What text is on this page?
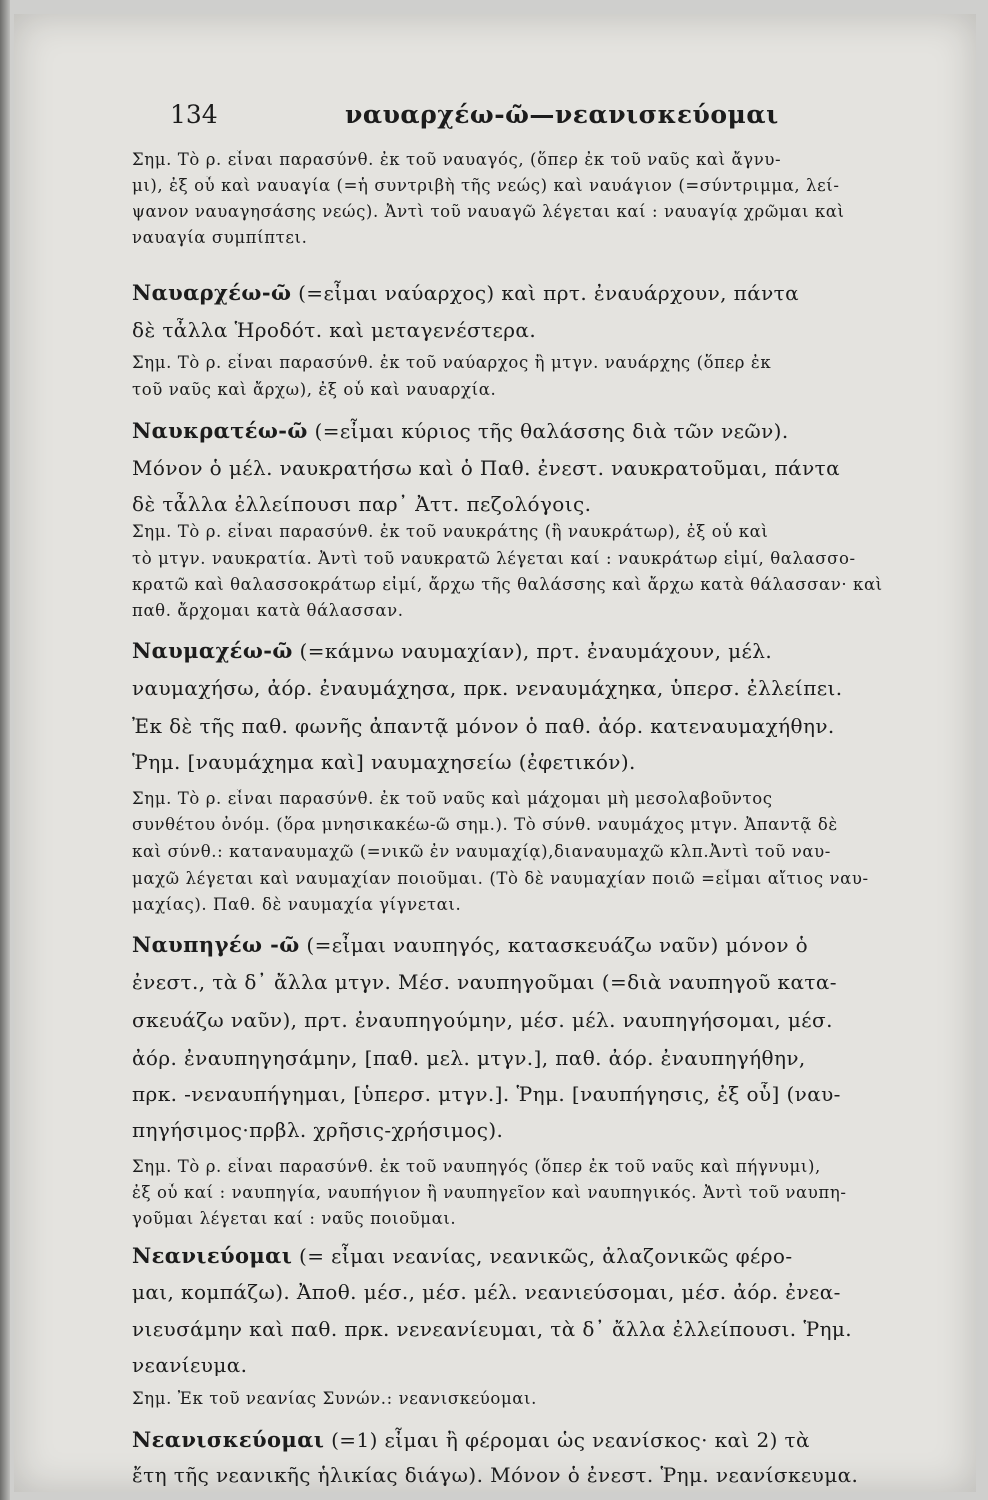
134	ναυαρχέω-ῶ—νεανισκεύομαι
Σημ. Τὸ ρ. εἶναι παρασύνθ. ἐκ τοῦ ναυαγός, (ὅπερ ἐκ τοῦ ναῦς καὶ ἄγνυ-
μι), ἐξ οὗ καὶ ναυαγία (=ἡ συντριβὴ τῆς νεώς) καὶ ναυάγιον (=σύντριμμα, λεί-
ψανον ναυαγησάσης νεώς). Ἀντὶ τοῦ ναυαγῶ λέγεται καί : ναυαγίᾳ χρῶμαι καὶ
ναυαγία συμπίπτει.
Ναυαρχέω-ῶ (=εἶμαι ναύαρχος) καὶ πρτ. ἐναυάρχουν, πάντα
δὲ τἆλλα Ἡροδότ. καὶ μεταγενέστερα.
Σημ. Τὸ ρ. εἶναι παρασύνθ. ἐκ τοῦ ναύαρχος ἢ μτγν. ναυάρχης (ὅπερ ἐκ
τοῦ ναῦς καὶ ἄρχω), ἐξ οὗ καὶ ναυαρχία.
Ναυκρατέω-ῶ (=εἶμαι κύριος τῆς θαλάσσης διὰ τῶν νεῶν).
Μόνον ὁ μέλ. ναυκρατήσω καὶ ὁ Παθ. ἐνεστ. ναυκρατοῦμαι, πάντα
δὲ τἆλλα ἐλλείπουσι παρ᾽ Ἀττ. πεζολόγοις.
Σημ. Τὸ ρ. εἶναι παρασύνθ. ἐκ τοῦ ναυκράτης (ἢ ναυκράτωρ), ἐξ οὗ καὶ
τὸ μτγν. ναυκρατία. Ἀντὶ τοῦ ναυκρατῶ λέγεται καί : ναυκράτωρ εἰμί, θαλασσο-
κρατῶ καὶ θαλασσοκράτωρ εἰμί, ἄρχω τῆς θαλάσσης καὶ ἄρχω κατὰ θάλασσαν· καὶ
παθ. ἄρχομαι κατὰ θάλασσαν.
Ναυμαχέω-ῶ (=κάμνω ναυμαχίαν), πρτ. ἐναυμάχουν, μέλ.
ναυμαχήσω, ἀόρ. ἐναυμάχησα, πρκ. νεναυμάχηκα, ὑπερσ. ἐλλείπει.
Ἐκ δὲ τῆς παθ. φωνῆς ἀπαντᾷ μόνον ὁ παθ. ἀόρ. κατεναυμαχήθην.
Ῥημ. [ναυμάχημα καὶ] ναυμαχησείω (ἐφετικόν).
Σημ. Τὸ ρ. εἶναι παρασύνθ. ἐκ τοῦ ναῦς καὶ μάχομαι μὴ μεσολαβοῦντος
συνθέτου ὀνόμ. (ὅρα μνησικακέω-ῶ σημ.). Τὸ σύνθ. ναυμάχος μτγν. Ἀπαντᾷ δὲ
καὶ σύνθ.: καταναυμαχῶ (=νικῶ ἐν ναυμαχίᾳ),διαναυμαχῶ κλπ.Ἀντὶ τοῦ ναυ-
μαχῶ λέγεται καὶ ναυμαχίαν ποιοῦμαι. (Τὸ δὲ ναυμαχίαν ποιῶ =εἶμαι αἴτιος ναυ-
μαχίας). Παθ. δὲ ναυμαχία γίγνεται.
Ναυπηγέω -ῶ (=εἶμαι ναυπηγός, κατασκευάζω ναῦν) μόνον ὁ
ἐνεστ., τὰ δ᾽ ἄλλα μτγν. Μέσ. ναυπηγοῦμαι (=διὰ ναυπηγοῦ κατα-
σκευάζω ναῦν), πρτ. ἐναυπηγούμην, μέσ. μέλ. ναυπηγήσομαι, μέσ.
ἀόρ. ἐναυπηγησάμην, [παθ. μελ. μτγν.], παθ. ἀόρ. ἐναυπηγήθην,
πρκ. -νεναυπήγημαι, [ὑπερσ. μτγν.]. Ῥημ. [ναυπήγησις, ἐξ οὗ] (ναυ-
πηγήσιμος·πρβλ. χρῆσις-χρήσιμος).
Σημ. Τὸ ρ. εἶναι παρασύνθ. ἐκ τοῦ ναυπηγός (ὅπερ ἐκ τοῦ ναῦς καὶ πήγνυμι),
ἐξ οὗ καί : ναυπηγία, ναυπήγιον ἢ ναυπηγεῖον καὶ ναυπηγικός. Ἀντὶ τοῦ ναυπη-
γοῦμαι λέγεται καί : ναῦς ποιοῦμαι.
Νεανιεύομαι (= εἶμαι νεανίας, νεανικῶς, ἀλαζονικῶς φέρο-
μαι, κομπάζω). Ἀποθ. μέσ., μέσ. μέλ. νεανιεύσομαι, μέσ. ἀόρ. ἐνεα-
νιευσάμην καὶ παθ. πρκ. νενεανίευμαι, τὰ δ᾽ ἄλλα ἐλλείπουσι. Ῥημ.
νεανίευμα.
Σημ. Ἐκ τοῦ νεανίας Συνών.: νεανισκεύομαι.
Νεανισκεύομαι (=1) εἶμαι ἢ φέρομαι ὡς νεανίσκος· καὶ 2) τὰ
ἔτη τῆς νεανικῆς ἡλικίας διάγω). Μόνον ὁ ἐνεστ. Ῥημ. νεανίσκευμα.
